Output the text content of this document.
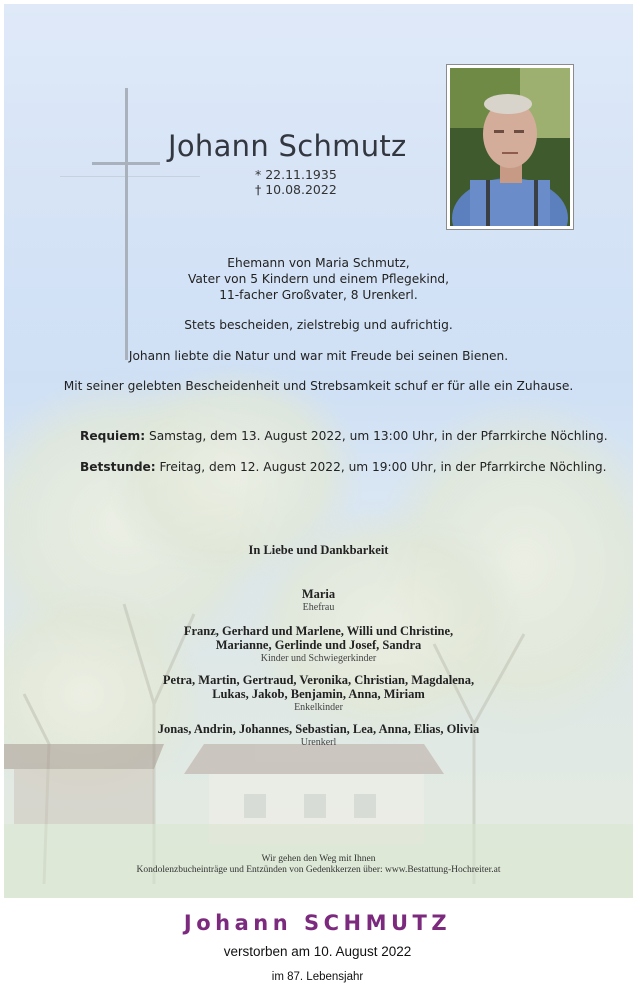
Johann Schmutz
* 22.11.1935
† 10.08.2022
Ehemann von Maria Schmutz,
Vater von 5 Kindern und einem Pflegekind,
11-facher Großvater, 8 Urenkerl.
Stets bescheiden, zielstrebig und aufrichtig.
Johann liebte die Natur und war mit Freude bei seinen Bienen.
Mit seiner gelebten Bescheidenheit und Strebsamkeit schuf er für alle ein Zuhause.
Requiem: Samstag, dem 13. August 2022, um 13:00 Uhr, in der Pfarrkirche Nöchling.
Betstunde: Freitag, dem 12. August 2022, um 19:00 Uhr, in der Pfarrkirche Nöchling.
In Liebe und Dankbarkeit
Maria
Ehefrau
Franz, Gerhard und Marlene, Willi und Christine,
Marianne, Gerlinde und Josef, Sandra
Kinder und Schwiegerkinder
Petra, Martin, Gertraud, Veronika, Christian, Magdalena,
Lukas, Jakob, Benjamin, Anna, Miriam
Enkelkinder
Jonas, Andrin, Johannes, Sebastian, Lea, Anna, Elias, Olivia
Urenkerl
Wir gehen den Weg mit Ihnen
Kondolenzbucheinträge und Entzünden von Gedenkkerzen über: www.Bestattung-Hochreiter.at
Johann SCHMUTZ
verstorben am 10. August 2022
im 87. Lebensjahr
